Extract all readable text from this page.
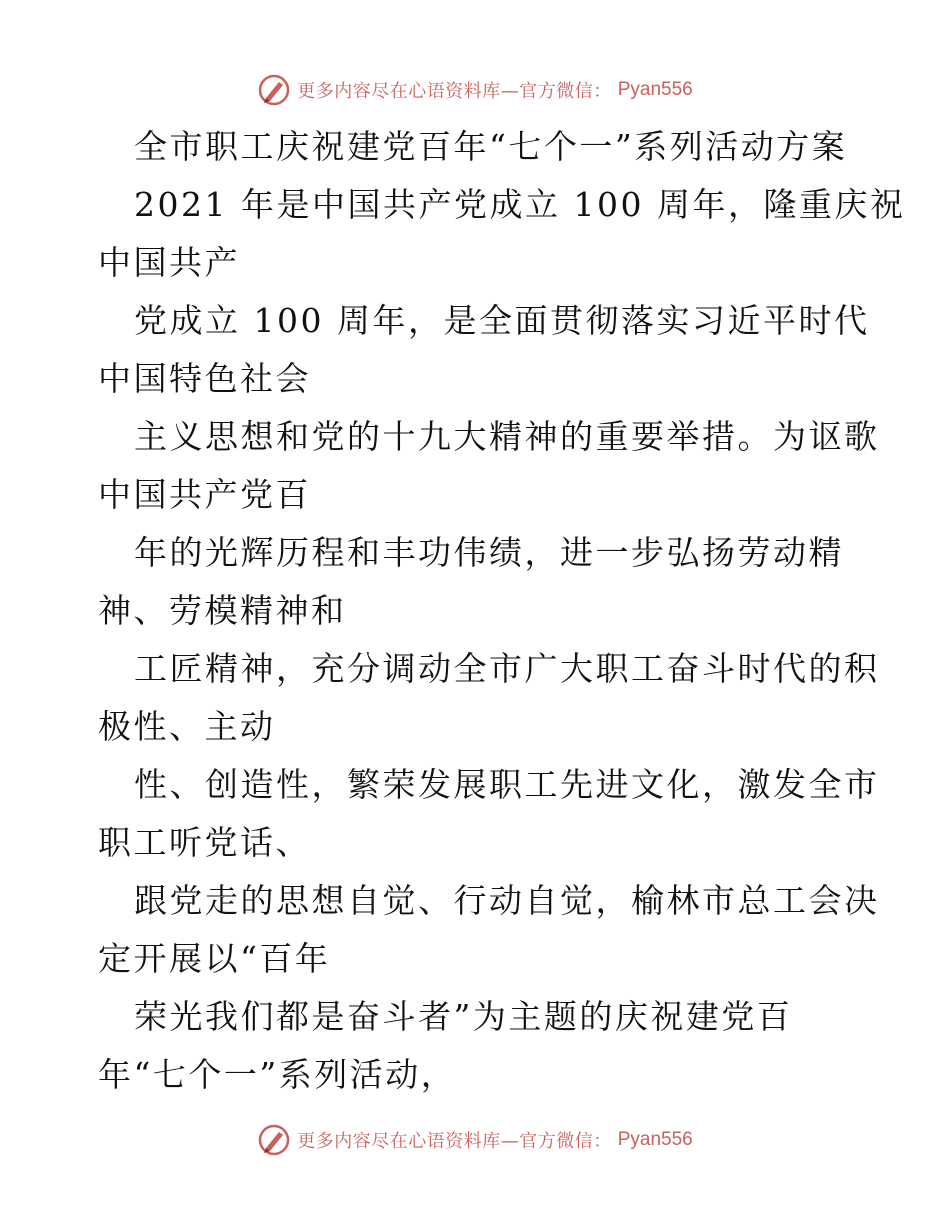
更多内容尽在心语资料库—官方微信： Pyan556
全市职工庆祝建党百年“七个一”系列活动方案
2021 年是中国共产党成立 100 周年，隆重庆祝
中国共产
党成立 100 周年，是全面贯彻落实习近平时代
中国特色社会
主义思想和党的十九大精神的重要举措。为讴歌
中国共产党百
年的光辉历程和丰功伟绩，进一步弘扬劳动精
神、劳模精神和
工匠精神，充分调动全市广大职工奋斗时代的积
极性、主动
性、创造性，繁荣发展职工先进文化，激发全市
职工听党话、
跟党走的思想自觉、行动自觉，榆林市总工会决
定开展以“百年
荣光我们都是奋斗者”为主题的庆祝建党百
年“七个一”系列活动，
更多内容尽在心语资料库—官方微信： Pyan556
